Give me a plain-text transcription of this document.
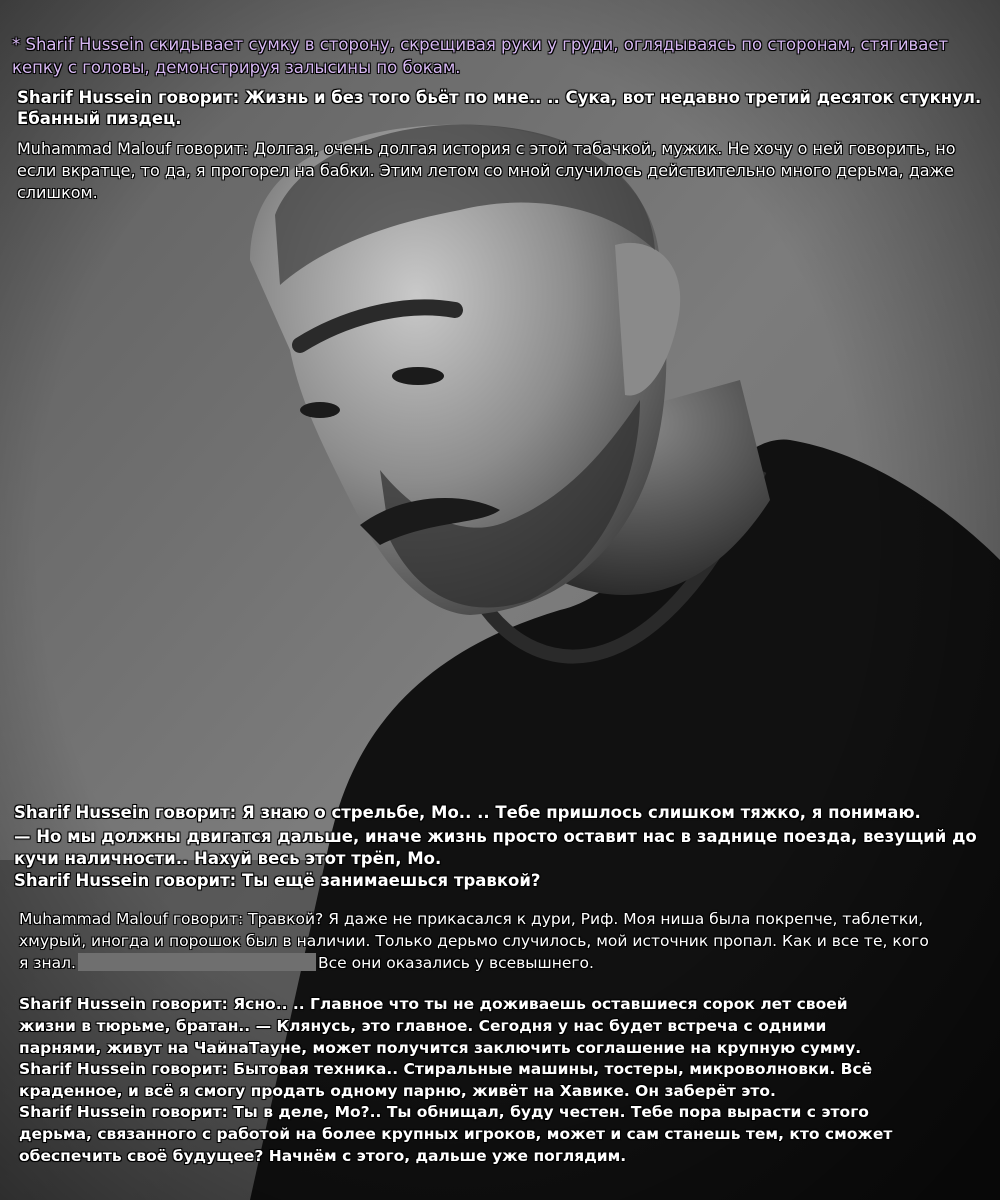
* Sharif Hussein скидывает сумку в сторону, скрещивая руки у груди, оглядываясь по сторонам, стягивает кепку с головы, демонстрируя залысины по бокам.

Sharif Hussein говорит: Жизнь и без того бьёт по мне.. .. Сука, вот недавно третий десяток стукнул. Ебанный пиздец.

Muhammad Malouf говорит: Долгая, очень долгая история с этой табачкой, мужик. Не хочу о ней говорить, но если вкратце, то да, я прогорел на бабки. Этим летом со мной случилось действительно много дерьма, даже слишком.

Sharif Hussein говорит: Я знаю о стрельбе, Мо.. .. Тебе пришлось слишком тяжко, я понимаю.

— Но мы должны двигатся дальше, иначе жизнь просто оставит нас в заднице поезда, везущий до кучи наличности.. Нахуй весь этот трёп, Мо.

Sharif Hussein говорит: Ты ещё занимаешься травкой?

Muhammad Malouf говорит: Травкой? Я даже не прикасался к дури, Риф. Моя ниша была покрепче, таблетки, хмурый, иногда и порошок был в наличии. Только дерьмо случилось, мой источник пропал. Как и все те, кого я знал.	Все они оказались у всевышнего.

Sharif Hussein говорит: Ясно.. .. Главное что ты не доживаешь оставшиеся сорок лет своей жизни в тюрьме, братан.. — Клянусь, это главное. Сегодня у нас будет встреча с одними парнями, живут на ЧайнаТауне, может получится заключить соглашение на крупную сумму.

Sharif Hussein говорит: Бытовая техника.. Стиральные машины, тостеры, микроволновки. Всё краденное, и всё я смогу продать одному парню, живёт на Хавике. Он заберёт это.

Sharif Hussein говорит: Ты в деле, Мо?.. Ты обнищал, буду честен. Тебе пора вырасти с этого дерьма, связанного с работой на более крупных игроков, может и сам станешь тем, кто сможет обеспечить своё будущее? Начнём с этого, дальше уже поглядим.
